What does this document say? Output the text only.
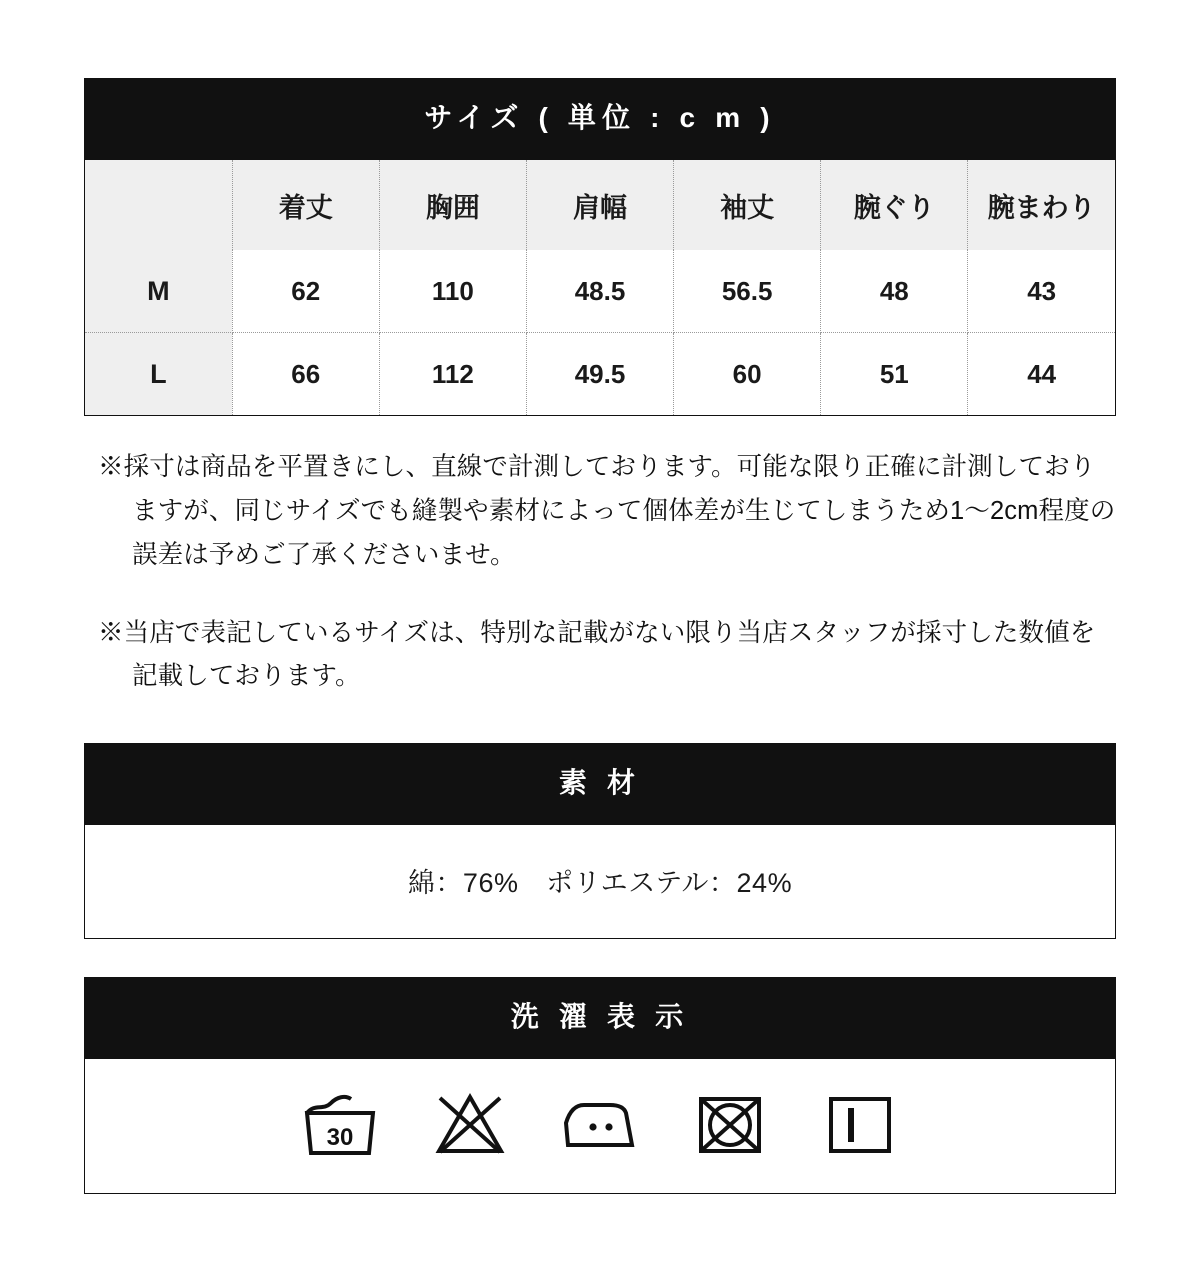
サイズ ( 単位 : c m )
	着丈	胸囲	肩幅	袖丈	腕ぐり	腕まわり
M	62	110	48.5	56.5	48	43
L	66	112	49.5	60	51	44

※採寸は商品を平置きにし、直線で計測しております。可能な限り正確に計測しておりますが、同じサイズでも縫製や素材によって個体差が生じてしまうため1〜2cm程度の誤差は予めご了承くださいませ。

※当店で表記しているサイズは、特別な記載がない限り当店スタッフが採寸した数値を記載しております。

素 材
綿：76%　ポリエステル：24%
洗 濯 表 示
30
